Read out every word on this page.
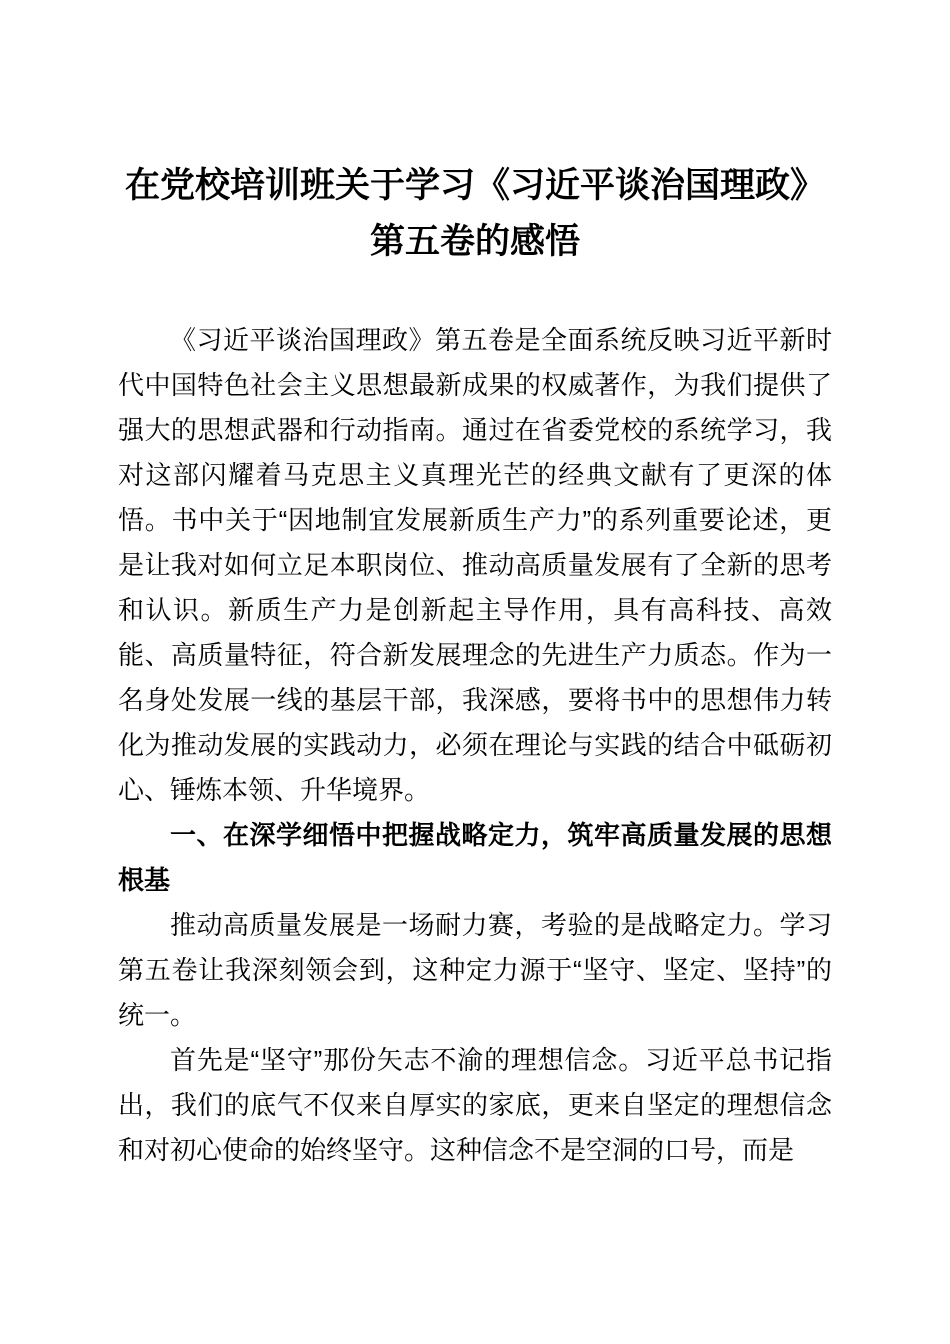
在党校培训班关于学习《习近平谈治国理政》第五卷的感悟

《习近平谈治国理政》第五卷是全面系统反映习近平新时代中国特色社会主义思想最新成果的权威著作，为我们提供了强大的思想武器和行动指南。通过在省委党校的系统学习，我对这部闪耀着马克思主义真理光芒的经典文献有了更深的体悟。书中关于“因地制宜发展新质生产力”的系列重要论述，更是让我对如何立足本职岗位、推动高质量发展有了全新的思考和认识。新质生产力是创新起主导作用，具有高科技、高效能、高质量特征，符合新发展理念的先进生产力质态。作为一名身处发展一线的基层干部，我深感，要将书中的思想伟力转化为推动发展的实践动力，必须在理论与实践的结合中砥砺初心、锤炼本领、升华境界。

一、在深学细悟中把握战略定力，筑牢高质量发展的思想根基

推动高质量发展是一场耐力赛，考验的是战略定力。学习第五卷让我深刻领会到，这种定力源于“坚守、坚定、坚持”的统一。

首先是“坚守”那份矢志不渝的理想信念。习近平总书记指出，我们的底气不仅来自厚实的家底，更来自坚定的理想信念和对初心使命的始终坚守。这种信念不是空洞的口号，而是
